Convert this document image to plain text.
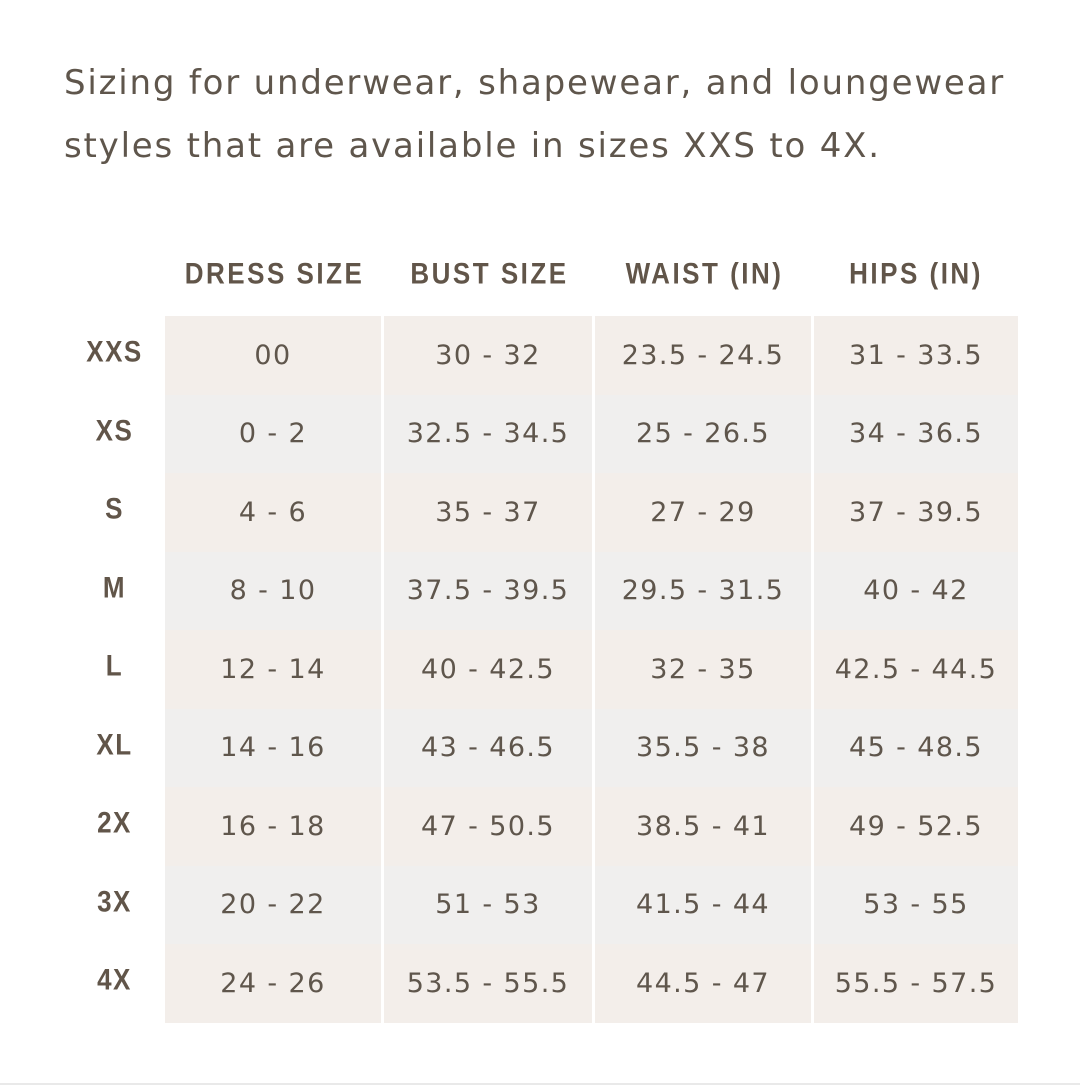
Sizing for underwear, shapewear, and loungewear
styles that are available in sizes XXS to 4X.

	DRESS SIZE	BUST SIZE	WAIST (IN)	HIPS (IN)
XXS	00	30 - 32	23.5 - 24.5	31 - 33.5
XS	0 - 2	32.5 - 34.5	25 - 26.5	34 - 36.5
S	4 - 6	35 - 37	27 - 29	37 - 39.5
M	8 - 10	37.5 - 39.5	29.5 - 31.5	40 - 42
L	12 - 14	40 - 42.5	32 - 35	42.5 - 44.5
XL	14 - 16	43 - 46.5	35.5 - 38	45 - 48.5
2X	16 - 18	47 - 50.5	38.5 - 41	49 - 52.5
3X	20 - 22	51 - 53	41.5 - 44	53 - 55
4X	24 - 26	53.5 - 55.5	44.5 - 47	55.5 - 57.5
